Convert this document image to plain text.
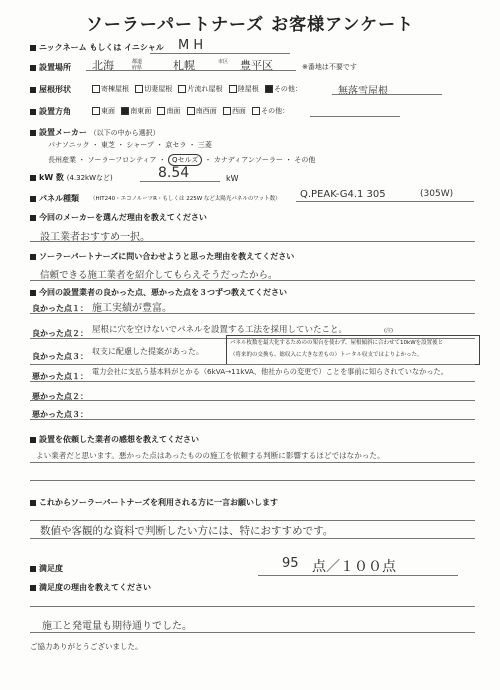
ソーラーパートナーズ お客様アンケート
ニックネーム もしくは イニシャル M H
設置場所 北海	都道府県	札幌	市区	豊平区	※番地は不要です
屋根形状	寄棟屋根 切妻屋根 片流れ屋根 陸屋根 その他：	無落雪屋根
設置方角	東面 南東面 南面 南西面 西面 その他：
設置メーカー （以下の中から選択）
パナソニック ・ 東芝 ・ シャープ ・ 京セラ ・ 三菱
長州産業 ・ ソーラーフロンティア ・ Qセルズ ・ カナディアンソーラー ・ その他
kW 数 (4.32kWなど)	8.54	kW
パネル種類 （HIT240・エコノルーツR・もしくは 225W など太陽光パネルのワット数） Q.PEAK-G4.1 305	(305W)
今回のメーカーを選んだ理由を教えてください
設工業者おすすめ一択。
ソーラーパートナーズに問い合わせようと思った理由を教えてください
信頼できる施工業者を紹介してもらえそうだったから。
今回の設置業者の良かった点、悪かった点を３つずつ教えてください
良かった点１： 施工実績が豊富。
良かった点２： 屋根に穴を空けないでパネルを設置する工法を採用していたこと。	(注)
良かった点３：
収支に配慮した提案があった。
パネル枚数を最大化するためのの架台を使わず、屋根傾斜に合わせて10kWを設置後と
（将来的の交換も、総収入に大きな差もの）トータル収支ではよりよかった。
悪かった点１：
電力会社に支払う基本料がとかる（6kVA→11kVA、他社からの変更で）ことを事前に知らされていなかった。
悪かった点２：
悪かった点３：
設置を依頼した業者の感想を教えてください
よい業者だと思います。悪かった点はあったものの施工を依頼する判断に影響するほどではなかった。
これからソーラーパートナーズを利用される方に一言お願いします
数値や客観的な資料で判断したい方には、特におすすめです。
満足度	95 点／１００点
満足度の理由を教えてください
施工と発電量も期待通りでした。
ご協力ありがとうございました。
